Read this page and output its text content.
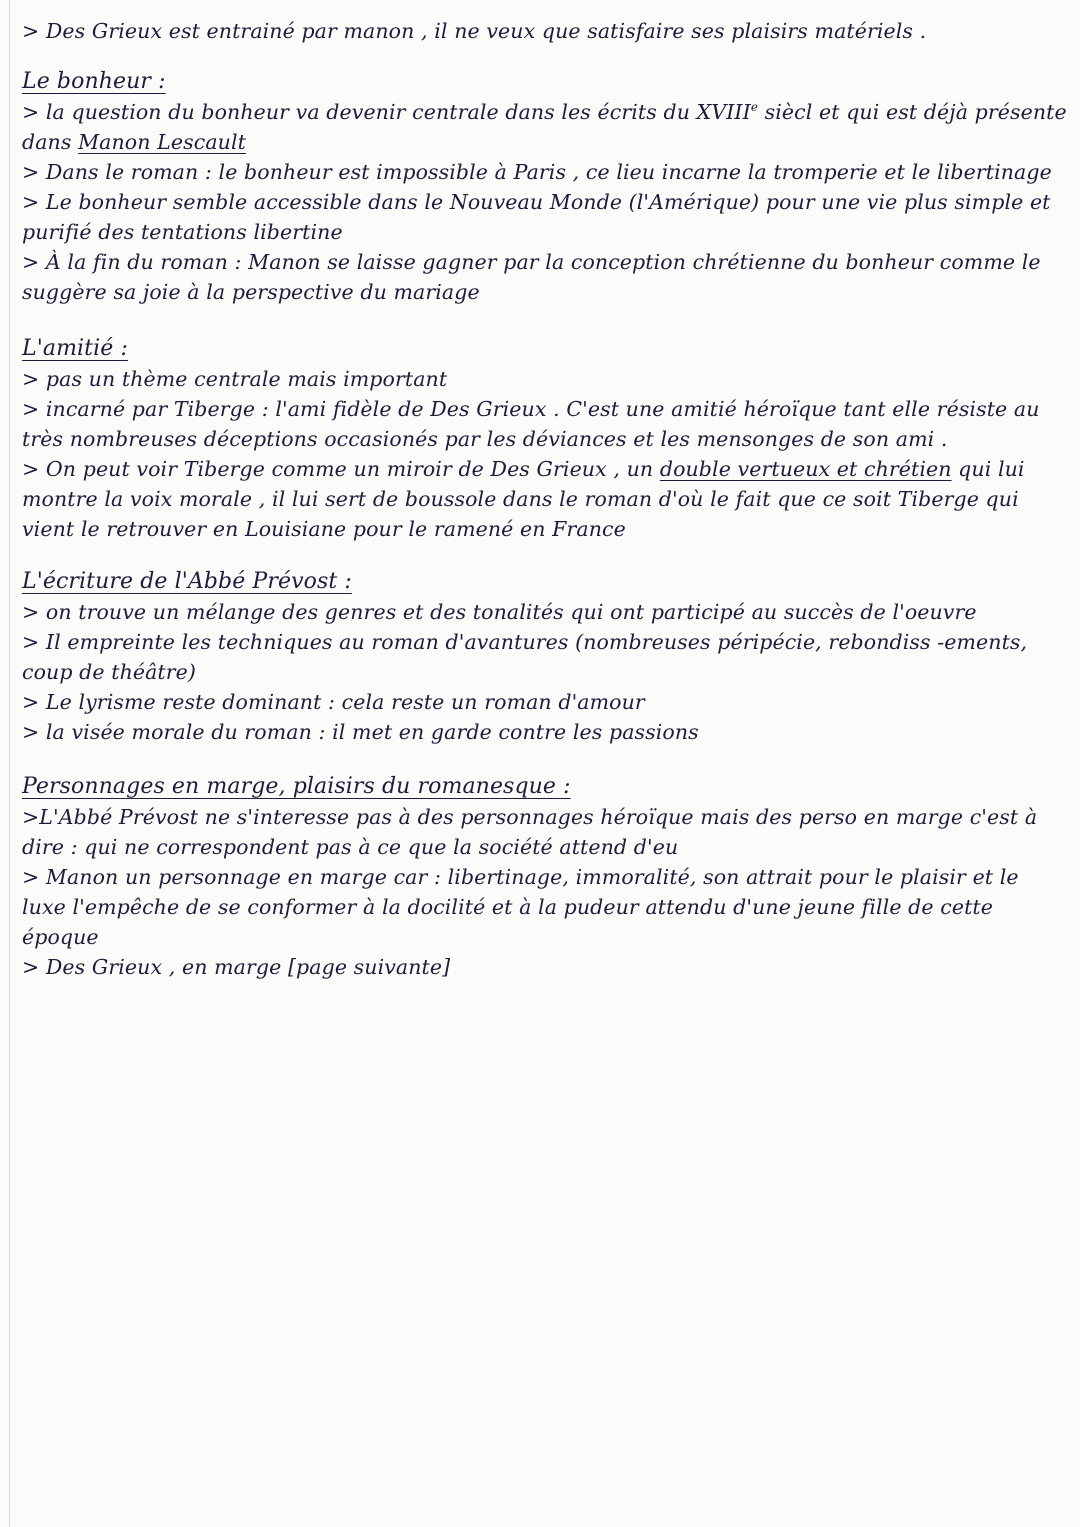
> Des Grieux est entrainé par manon , il ne veux que satisfaire ses plaisirs matériels .

Le bonheur :

> la question du bonheur va devenir centrale dans les écrits du XVIIIe siècl et qui est déjà présente dans Manon Lescault

> Dans le roman : le bonheur est impossible à Paris , ce lieu incarne la tromperie et le libertinage

> Le bonheur semble accessible dans le Nouveau Monde (l'Amérique) pour une vie plus simple et purifié des tentations libertine

> À la fin du roman : Manon se laisse gagner par la conception chrétienne du bonheur comme le suggère sa joie à la perspective du mariage

L'amitié :

> pas un thème centrale mais important

> incarné par Tiberge : l'ami fidèle de Des Grieux . C'est une amitié héroïque tant elle résiste au très nombreuses déceptions occasionés par les déviances et les mensonges de son ami .

> On peut voir Tiberge comme un miroir de Des Grieux , un double vertueux et chrétien qui lui montre la voix morale , il lui sert de boussole dans le roman d'où le fait que ce soit Tiberge qui vient le retrouver en Louisiane pour le ramené en France

L'écriture de l'Abbé Prévost :

> on trouve un mélange des genres et des tonalités qui ont participé au succès de l'oeuvre

> Il empreinte les techniques au roman d'avantures (nombreuses péripécie, rebondiss -ements, coup de théâtre)

> Le lyrisme reste dominant : cela reste un roman d'amour

> la visée morale du roman : il met en garde contre les passions

Personnages en marge, plaisirs du romanesque :

>L'Abbé Prévost ne s'interesse pas à des personnages héroïque mais des perso en marge c'est à dire : qui ne correspondent pas à ce que la société attend d'eu

> Manon un personnage en marge car : libertinage, immoralité, son attrait pour le plaisir et le luxe l'empêche de se conformer à la docilité et à la pudeur attendu d'une jeune fille de cette époque

> Des Grieux , en marge [page suivante]
